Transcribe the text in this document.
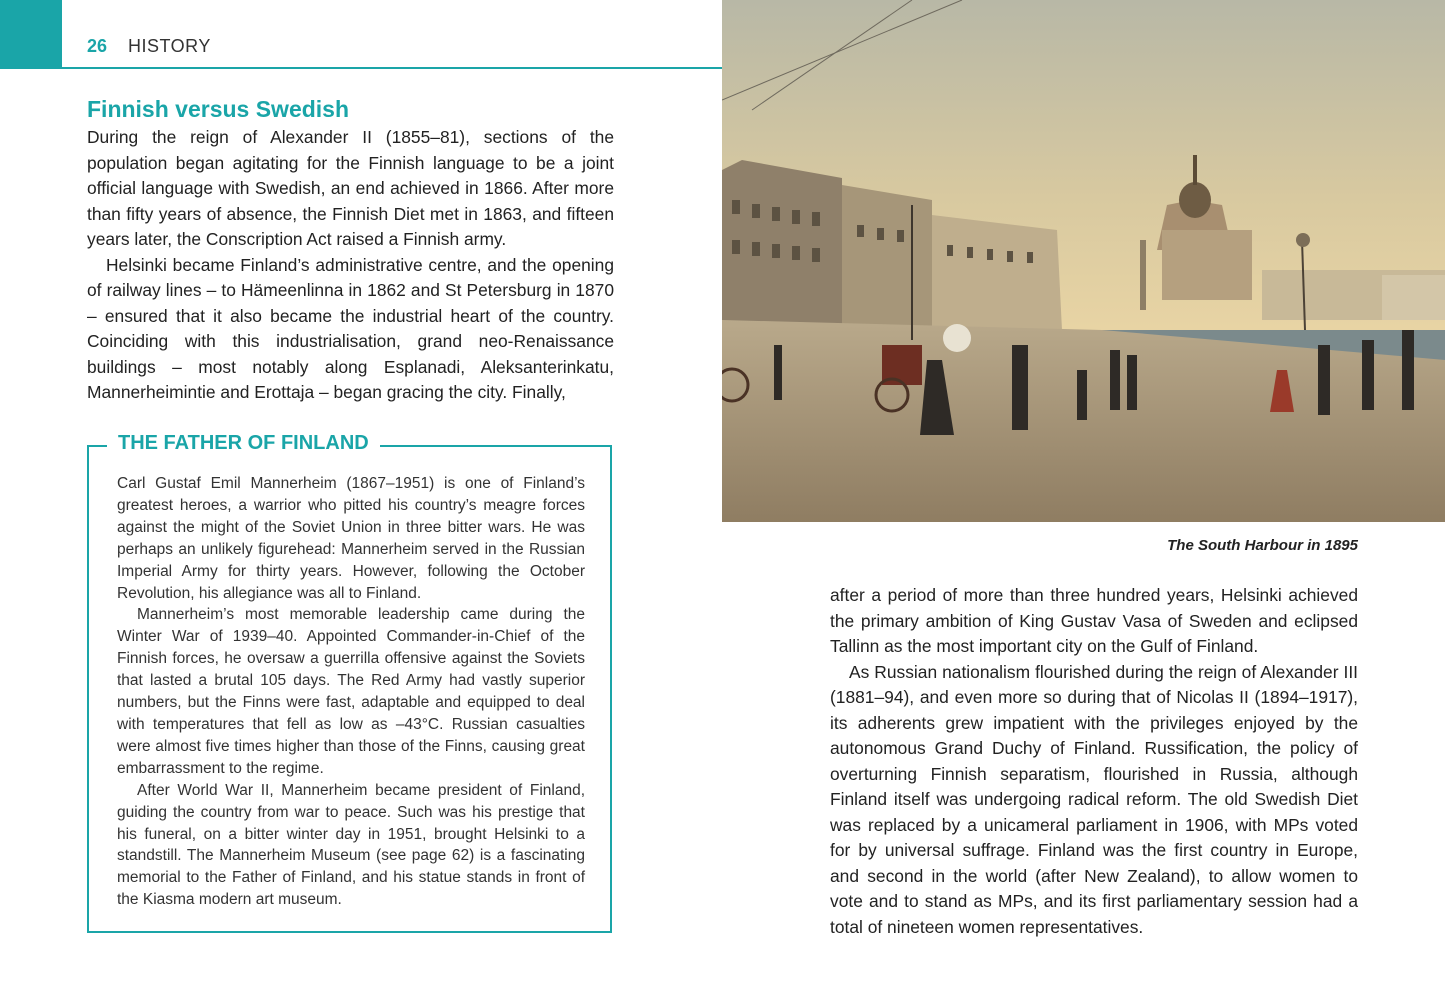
26 HISTORY
Finnish versus Swedish

During the reign of Alexander II (1855–81), sections of the population began agitating for the Finnish language to be a joint official language with Swedish, an end achieved in 1866. After more than fifty years of absence, the Finnish Diet met in 1863, and fifteen years later, the Conscription Act raised a Finnish army.

Helsinki became Finland’s administrative centre, and the opening of railway lines – to Hämeenlinna in 1862 and St Petersburg in 1870 – ensured that it also became the industrial heart of the country. Coinciding with this industrialisation, grand neo-Renaissance buildings – most notably along Esplanadi, Aleksanterinkatu, Mannerheimintie and Erottaja – began gracing the city. Finally,

THE FATHER OF FINLAND

Carl Gustaf Emil Mannerheim (1867–1951) is one of Finland’s greatest heroes, a warrior who pitted his country’s meagre forces against the might of the Soviet Union in three bitter wars. He was perhaps an unlikely figurehead: Mannerheim served in the Russian Imperial Army for thirty years. However, following the October Revolution, his allegiance was all to Finland.

Mannerheim’s most memorable leadership came during the Winter War of 1939–40. Appointed Commander-in-Chief of the Finnish forces, he oversaw a guerrilla offensive against the Soviets that lasted a brutal 105 days. The Red Army had vastly superior numbers, but the Finns were fast, adaptable and equipped to deal with temperatures that fell as low as –43°C. Russian casualties were almost five times higher than those of the Finns, causing great embarrassment to the regime.

After World War II, Mannerheim became president of Finland, guiding the country from war to peace. Such was his prestige that his funeral, on a bitter winter day in 1951, brought Helsinki to a standstill. The Mannerheim Museum (see page 62) is a fascinating memorial to the Father of Finland, and his statue stands in front of the Kiasma modern art museum.

The South Harbour in 1895

after a period of more than three hundred years, Helsinki achieved the primary ambition of King Gustav Vasa of Sweden and eclipsed Tallinn as the most important city on the Gulf of Finland.

As Russian nationalism flourished during the reign of Alexander III (1881–94), and even more so during that of Nicolas II (1894–1917), its adherents grew impatient with the privileges enjoyed by the autonomous Grand Duchy of Finland. Russification, the policy of overturning Finnish separatism, flourished in Russia, although Finland itself was undergoing radical reform. The old Swedish Diet was replaced by a unicameral parliament in 1906, with MPs voted for by universal suffrage. Finland was the first country in Europe, and second in the world (after New Zealand), to allow women to vote and to stand as MPs, and its first parliamentary session had a total of nineteen women representatives.
